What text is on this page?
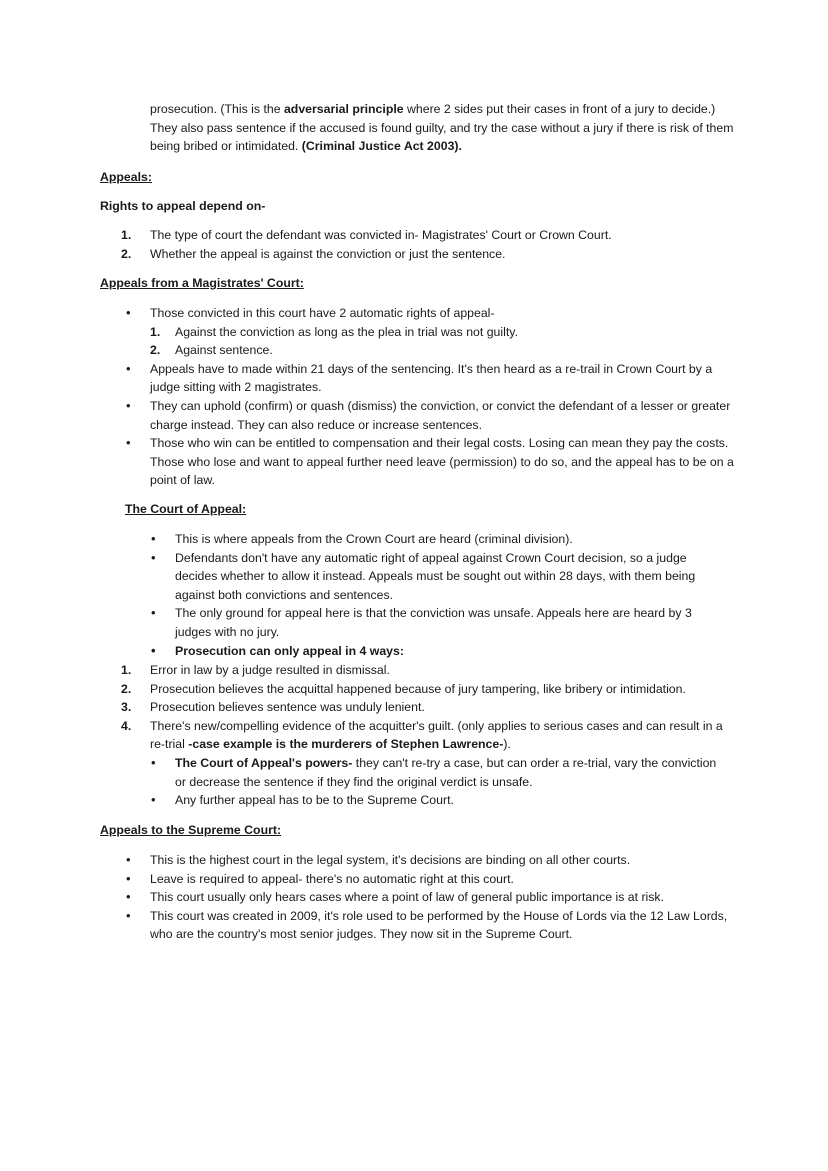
prosecution. (This is the adversarial principle where 2 sides put their cases in front of a jury to decide.) They also pass sentence if the accused is found guilty, and try the case without a jury if there is risk of them being bribed or intimidated. (Criminal Justice Act 2003).

Appeals:
Rights to appeal depend on-
1. The type of court the defendant was convicted in- Magistrates' Court or Crown Court.
2. Whether the appeal is against the conviction or just the sentence.
Appeals from a Magistrates' Court:
• Those convicted in this court have 2 automatic rights of appeal-
1. Against the conviction as long as the plea in trial was not guilty.
2. Against sentence.
• Appeals have to made within 21 days of the sentencing. It's then heard as a re-trail in Crown Court by a judge sitting with 2 magistrates.
• They can uphold (confirm) or quash (dismiss) the conviction, or convict the defendant of a lesser or greater charge instead. They can also reduce or increase sentences.
• Those who win can be entitled to compensation and their legal costs. Losing can mean they pay the costs. Those who lose and want to appeal further need leave (permission) to do so, and the appeal has to be on a point of law.
The Court of Appeal:
• This is where appeals from the Crown Court are heard (criminal division).
• Defendants don't have any automatic right of appeal against Crown Court decision, so a judge decides whether to allow it instead. Appeals must be sought out within 28 days, with them being against both convictions and sentences.
• The only ground for appeal here is that the conviction was unsafe. Appeals here are heard by 3 judges with no jury.
• Prosecution can only appeal in 4 ways:
1. Error in law by a judge resulted in dismissal.
2. Prosecution believes the acquittal happened because of jury tampering, like bribery or intimidation.
3. Prosecution believes sentence was unduly lenient.
4. There's new/compelling evidence of the acquitter's guilt. (only applies to serious cases and can result in a re-trial -case example is the murderers of Stephen Lawrence-).
• The Court of Appeal's powers- they can't re-try a case, but can order a re-trial, vary the conviction or decrease the sentence if they find the original verdict is unsafe.
• Any further appeal has to be to the Supreme Court.
Appeals to the Supreme Court:
• This is the highest court in the legal system, it's decisions are binding on all other courts.
• Leave is required to appeal- there's no automatic right at this court.
• This court usually only hears cases where a point of law of general public importance is at risk.
• This court was created in 2009, it's role used to be performed by the House of Lords via the 12 Law Lords, who are the country's most senior judges. They now sit in the Supreme Court.
